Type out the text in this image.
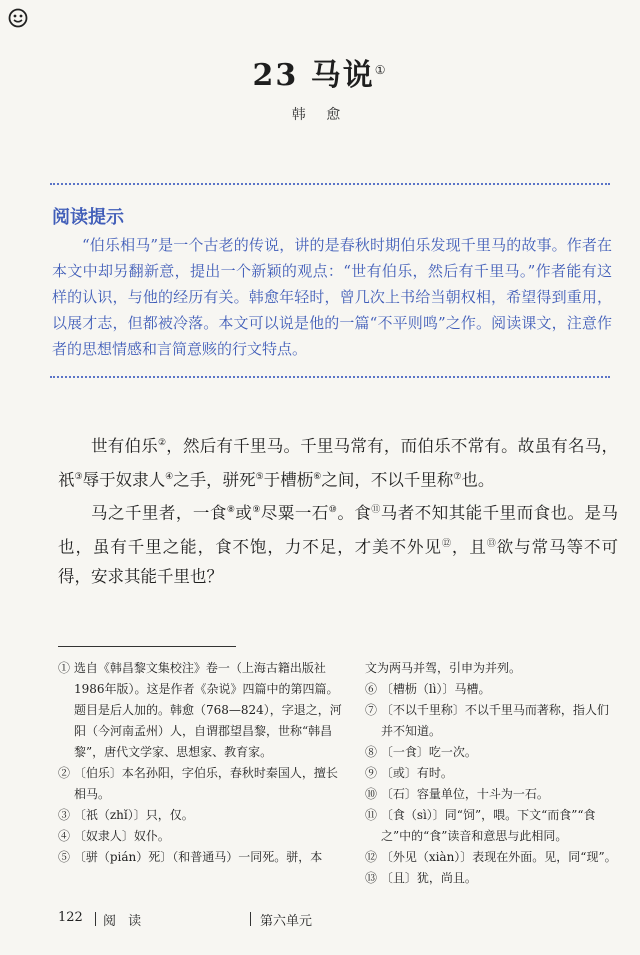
23 马说①
韩 愈
阅读提示

“伯乐相马”是一个古老的传说，讲的是春秋时期伯乐发现千里马的故事。作者在本文中却另翻新意，提出一个新颖的观点：“世有伯乐，然后有千里马。”作者能有这样的认识，与他的经历有关。韩愈年轻时，曾几次上书给当朝权相，希望得到重用，以展才志，但都被冷落。本文可以说是他的一篇“不平则鸣”之作。阅读课文，注意作者的思想情感和言简意赅的行文特点。

世有伯乐②，然后有千里马。千里马常有，而伯乐不常有。故虽有名马，祇③辱于奴隶人④之手，骈死⑤于槽枥⑥之间，不以千里称⑦也。

马之千里者，一食⑧或⑨尽粟一石⑩。食⑪马者不知其能千里而食也。是马也，虽有千里之能，食不饱，力不足，才美不外见⑫，且⑬欲与常马等不可得，安求其能千里也？

① 选自《韩昌黎文集校注》卷一（上海古籍出版社1986年版）。这是作者《杂说》四篇中的第四篇。题目是后人加的。韩愈（768—824），字退之，河阳（今河南孟州）人，自谓郡望昌黎，世称“韩昌黎”，唐代文学家、思想家、教育家。

② 〔伯乐〕本名孙阳，字伯乐，春秋时秦国人，擅长相马。

③ 〔祇（zhǐ）〕只，仅。

④ 〔奴隶人〕奴仆。

⑤ 〔骈（pián）死〕（和普通马）一同死。骈，本

文为两马并驾，引申为并列。

⑥ 〔槽枥（lì）〕马槽。

⑦ 〔不以千里称〕不以千里马而著称，指人们并不知道。

⑧ 〔一食〕吃一次。

⑨ 〔或〕有时。

⑩ 〔石〕容量单位，十斗为一石。

⑪ 〔食（sì）〕同“饲”，喂。下文“而食”“食之”中的“食”读音和意思与此相同。

⑫ 〔外见（xiàn）〕表现在外面。见，同“现”。

⑬ 〔且〕犹，尚且。

122 阅 读	第六单元
